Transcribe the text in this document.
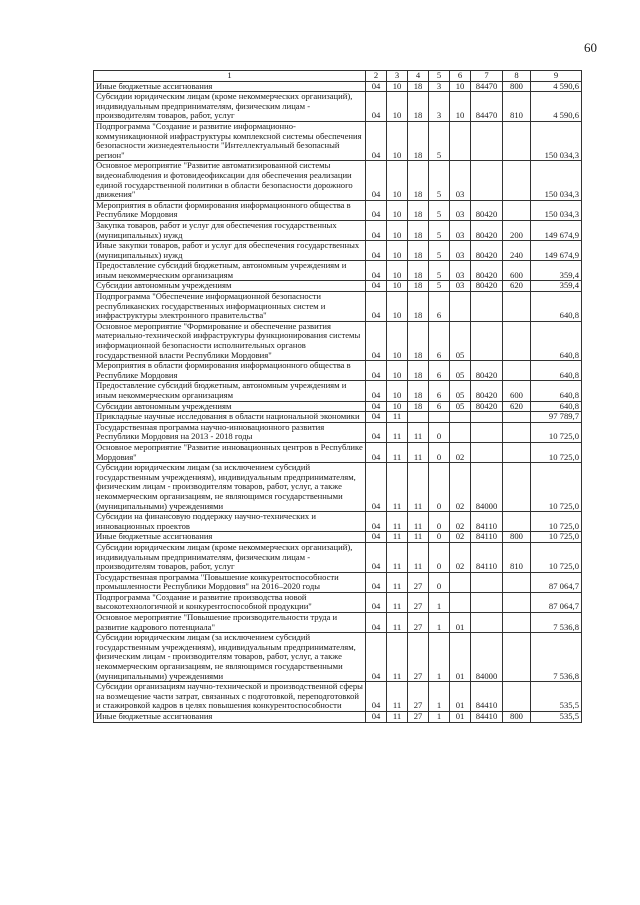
60
1	2	3	4	5	6	7	8	9
Иные бюджетные ассигнования	04	10	18	3	10	84470	800	4 590,6
Субсидии юридическим лицам (кроме некоммерческих организаций), индивидуальным предпринимателям, физическим лицам - производителям товаров, работ, услуг	04	10	18	3	10	84470	810	4 590,6
Подпрограмма "Создание и развитие информационно-коммуникационной инфраструктуры комплексной системы обеспечения безопасности жизнедеятельности "Интеллектуальный безопасный регион"	04	10	18	5				150 034,3
Основное мероприятие "Развитие автоматизированной системы видеонаблюдения и фотовидеофиксации для обеспечения реализации единой государственной политики в области безопасности дорожного движения"	04	10	18	5	03			150 034,3
Мероприятия в области формирования информационного общества в Республике Мордовия	04	10	18	5	03	80420		150 034,3
Закупка товаров, работ и услуг для обеспечения государственных (муниципальных) нужд	04	10	18	5	03	80420	200	149 674,9
Иные закупки товаров, работ и услуг для обеспечения государственных (муниципальных) нужд	04	10	18	5	03	80420	240	149 674,9
Предоставление субсидий бюджетным, автономным учреждениям и иным некоммерческим организациям	04	10	18	5	03	80420	600	359,4
Субсидии автономным учреждениям	04	10	18	5	03	80420	620	359,4
Подпрограмма "Обеспечение информационной безопасности республиканских государственных информационных систем и инфраструктуры электронного правительства"	04	10	18	6				640,8
Основное мероприятие "Формирование и обеспечение развития материально-технической инфраструктуры функционирования системы информационной безопасности исполнительных органов государственной власти Республики Мордовия"	04	10	18	6	05			640,8
Мероприятия в области формирования информационного общества в Республике Мордовия	04	10	18	6	05	80420		640,8
Предоставление субсидий бюджетным, автономным учреждениям и иным некоммерческим организациям	04	10	18	6	05	80420	600	640,8
Субсидии автономным учреждениям	04	10	18	6	05	80420	620	640,8
Прикладные научные исследования в области национальной экономики	04	11						97 789,7
Государственная программа научно-инновационного развития Республики Мордовия на 2013 - 2018 годы	04	11	11	0				10 725,0
Основное мероприятие "Развитие инновационных центров в Республике Мордовия"	04	11	11	0	02			10 725,0
Субсидии юридическим лицам (за исключением субсидий государственным учреждениям), индивидуальным предпринимателям, физическим лицам - производителям товаров, работ, услуг, а также некоммерческим организациям, не являющимся государственными (муниципальными) учреждениями	04	11	11	0	02	84000		10 725,0
Субсидии на финансовую поддержку научно-технических и инновационных проектов	04	11	11	0	02	84110		10 725,0
Иные бюджетные ассигнования	04	11	11	0	02	84110	800	10 725,0
Субсидии юридическим лицам (кроме некоммерческих организаций), индивидуальным предпринимателям, физическим лицам - производителям товаров, работ, услуг	04	11	11	0	02	84110	810	10 725,0
Государственная программа "Повышение конкурентоспособности промышленности Республики Мордовия" на 2016–2020 годы	04	11	27	0				87 064,7
Подпрограмма "Создание и развитие производства новой высокотехнологичной и конкурентоспособной продукции"	04	11	27	1				87 064,7
Основное мероприятие "Повышение производительности труда и развитие кадрового потенциала"	04	11	27	1	01			7 536,8
Субсидии юридическим лицам (за исключением субсидий государственным учреждениям), индивидуальным предпринимателям, физическим лицам - производителям товаров, работ, услуг, а также некоммерческим организациям, не являющимся государственными (муниципальными) учреждениями	04	11	27	1	01	84000		7 536,8
Субсидии организациям научно-технической и производственной сферы на возмещение части затрат, связанных с подготовкой, переподготовкой и стажировкой кадров в целях повышения конкурентоспособности	04	11	27	1	01	84410		535,5
Иные бюджетные ассигнования	04	11	27	1	01	84410	800	535,5
